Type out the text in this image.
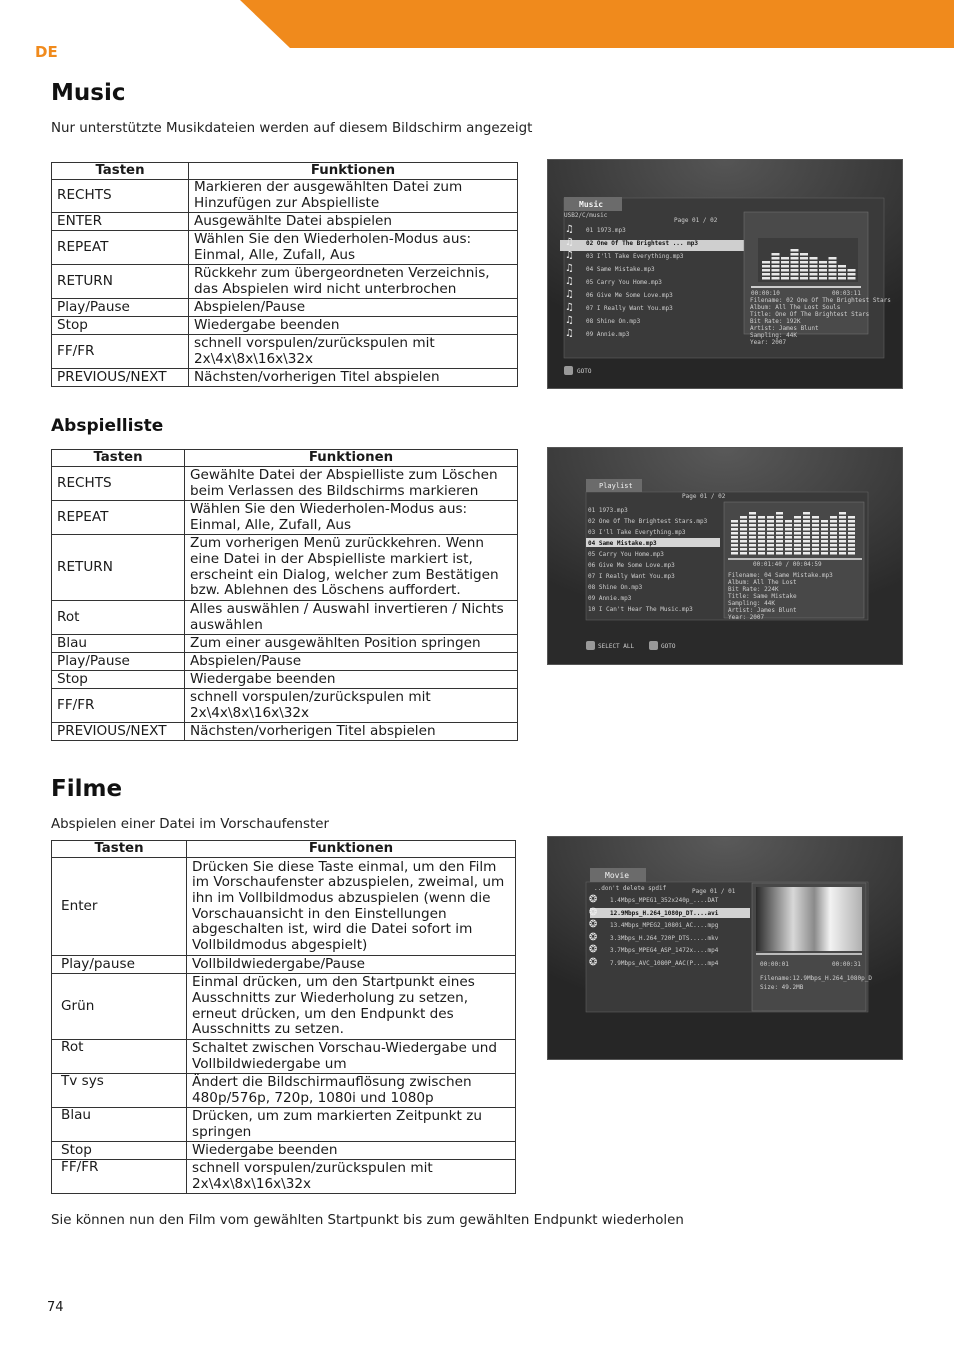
DE
Music

Nur unterstützte Musikdateien werden auf diesem Bildschirm angezeigt

Tasten	Funktionen
RECHTS	Markieren der ausgewählten Datei zum Hinzufügen zur Abspielliste
ENTER	Ausgewählte Datei abspielen
REPEAT	Wählen Sie den Wiederholen-Modus aus: Einmal, Alle, Zufall, Aus
RETURN	Rückkehr zum übergeordneten Verzeichnis, das Abspielen wird nicht unterbrochen
Play/Pause	Abspielen/Pause
Stop	Wiedergabe beenden
FF/FR	schnell vorspulen/zurückspulen mit 2x\4x\8x\16x\32x
PREVIOUS/NEXT	Nächsten/vorherigen Titel abspielen
Music
USB2/C/music
Page 01 / 02
01 1973.mp3
♫
02 One Of The Brightest ... mp3
♫
03 I'll Take Everything.mp3
♫
04 Same Mistake.mp3
♫
05 Carry You Home.mp3
♫
06 Give Me Some Love.mp3
♫
07 I Really Want You.mp3
♫
08 Shine On.mp3
♫
09 Annie.mp3
♫
00:00:10	00:03:11
Filename: 02 One Of The Brightest Stars
Album: All The Lost Souls
Title: One Of The Brightest Stars
Bit Rate: 192K
Artist: James Blunt
Sampling: 44K
Year: 2007
GOTO
Abspielliste
Tasten	Funktionen
RECHTS	Gewählte Datei der Abspielliste zum Löschen beim Verlassen des Bildschirms markieren
REPEAT	Wählen Sie den Wiederholen-Modus aus: Einmal, Alle, Zufall, Aus
RETURN	Zum vorherigen Menü zurückkehren. Wenn eine Datei in der Abspielliste markiert ist, erscheint ein Dialog, welcher zum Bestätigen bzw. Ablehnen des Löschens auffordert.
Rot	Alles auswählen / Auswahl invertieren / Nichts auswählen
Blau	Zum einer ausgewählten Position springen
Play/Pause	Abspielen/Pause
Stop	Wiedergabe beenden
FF/FR	schnell vorspulen/zurückspulen mit 2x\4x\8x\16x\32x
PREVIOUS/NEXT	Nächsten/vorherigen Titel abspielen
Playlist
Page 01 / 02
01 1973.mp3
02 One Of The Brightest Stars.mp3
03 I'll Take Everything.mp3
04 Same Mistake.mp3
05 Carry You Home.mp3
06 Give Me Some Love.mp3
07 I Really Want You.mp3
08 Shine On.mp3
09 Annie.mp3
10 I Can't Hear The Music.mp3
00:01:40 / 00:04:59
Filename: 04 Same Mistake.mp3
Album: All The Lost
Bit Rate: 224K
Title: Same Mistake
Sampling: 44K
Artist: James Blunt
Year: 2007
SELECT ALL	GOTO
Filme

Abspielen einer Datei im Vorschaufenster

Tasten	Funktionen
Enter	Drücken Sie diese Taste einmal, um den Film im Vorschaufenster abzuspielen, zweimal, um ihn im Vollbildmodus abzuspielen (wenn die Vorschauansicht in den Einstellungen abgeschalten ist, wird die Datei sofort im Vollbildmodus abgespielt)
Play/pause	Vollbildwiedergabe/Pause
Grün	Einmal drücken, um den Startpunkt eines Ausschnitts zur Wiederholung zu setzen, erneut drücken, um den Endpunkt des Ausschnitts zu setzen.
Rot	Schaltet zwischen Vorschau-Wiedergabe und Vollbildwiedergabe um
Tv sys	Ändert die Bildschirmauflösung zwischen 480p/576p, 720p, 1080i und 1080p
Blau	Drücken, um zum markierten Zeitpunkt zu springen
Stop	Wiedergabe beenden
FF/FR	schnell vorspulen/zurückspulen mit 2x\4x\8x\16x\32x
Movie
..don't delete spdif	Page 01 / 01
1.4Mbps_MPEG1_352x240p_....DAT
❂
12.9Mbps_H.264_1080p_DT....avi
❂
13.4Mbps_MPEG2_1080i_AC....mpg
❂
3.3Mbps_H.264_720P_DTS.....mkv
❂
3.7Mbps_MPEG4_ASP_1472x....mp4
❂
7.9Mbps_AVC_1080P_AAC(P....mp4
❂	00:00:01	00:00:31
Filename:12.9Mbps_H.264_1080p_D
Size: 49.2MB

Sie können nun den Film vom gewählten Startpunkt bis zum gewählten Endpunkt wiederholen

74
